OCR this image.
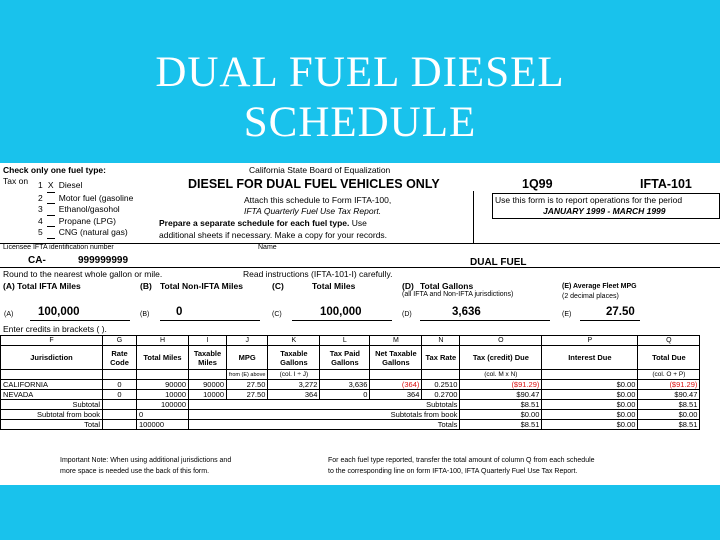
DUAL FUEL DIESEL
SCHEDULE
Check only one fuel type:
Tax on
California State Board of Equalization
1 X Diesel
2 Motor fuel (gasoline
3 Ethanol/gasohol
4 Propane (LPG)
5 CNG (natural gas)
DIESEL FOR DUAL FUEL VEHICLES ONLY	1Q99	IFTA-101
Attach this schedule to Form IFTA-100,
IFTA Quarterly Fuel Use Tax Report.
Prepare a separate schedule for each fuel type. Use
additional sheets if necessary. Make a copy for your records.
Use this form is to report operations for the period
JANUARY 1999 - MARCH 1999
Licensee IFTA identification number	Name
CA-	999999999	DUAL FUEL
Round to the nearest whole gallon or mile.	Read instructions (IFTA-101-I) carefully.
(A) Total IFTA Miles	(B) Total Non-IFTA Miles	(C)	Total Miles	(D) Total Gallons
(all IFTA and Non-IFTA jurisdictions)
(E) Average Fleet MPG
(2 decimal places)
(A) 100,000	(B) 0	(C)	100,000	(D)	3,636	(E)	27.50
Enter credits in brackets ( ).
F	G	H	I	J	K	L	M	N	O	P	Q
Jurisdiction	Rate Code	Total Miles	Taxable Miles	MPG	Taxable Gallons	Tax Paid Gallons	Net Taxable Gallons	Tax Rate	Tax (credit) Due	Interest Due	Total Due
				from (E) above	(col. I ÷ J)				(col. M x N)		(col. O + P)
CALIFORNIA	0	90000	90000	27.50	3,272	3,636	(364)	0.2510	($91.29)	$0.00	($91.29)
NEVADA	0	10000	10000	27.50	364	0	364	0.2700	$90.47	$0.00	$90.47
Subtotal		100000	Subtotals						$8.51	$0.00	$8.51
Subtotal from book		0	Subtotals from book						$0.00	$0.00	$0.00
Total		100000	Totals						$8.51	$0.00	$8.51
Important Note: When using additional jurisdictions and
more space is needed use the back of this form.
For each fuel type reported, transfer the total amount of column Q from each schedule
to the corresponding line on form IFTA-100, IFTA Quarterly Fuel Use Tax Report.
